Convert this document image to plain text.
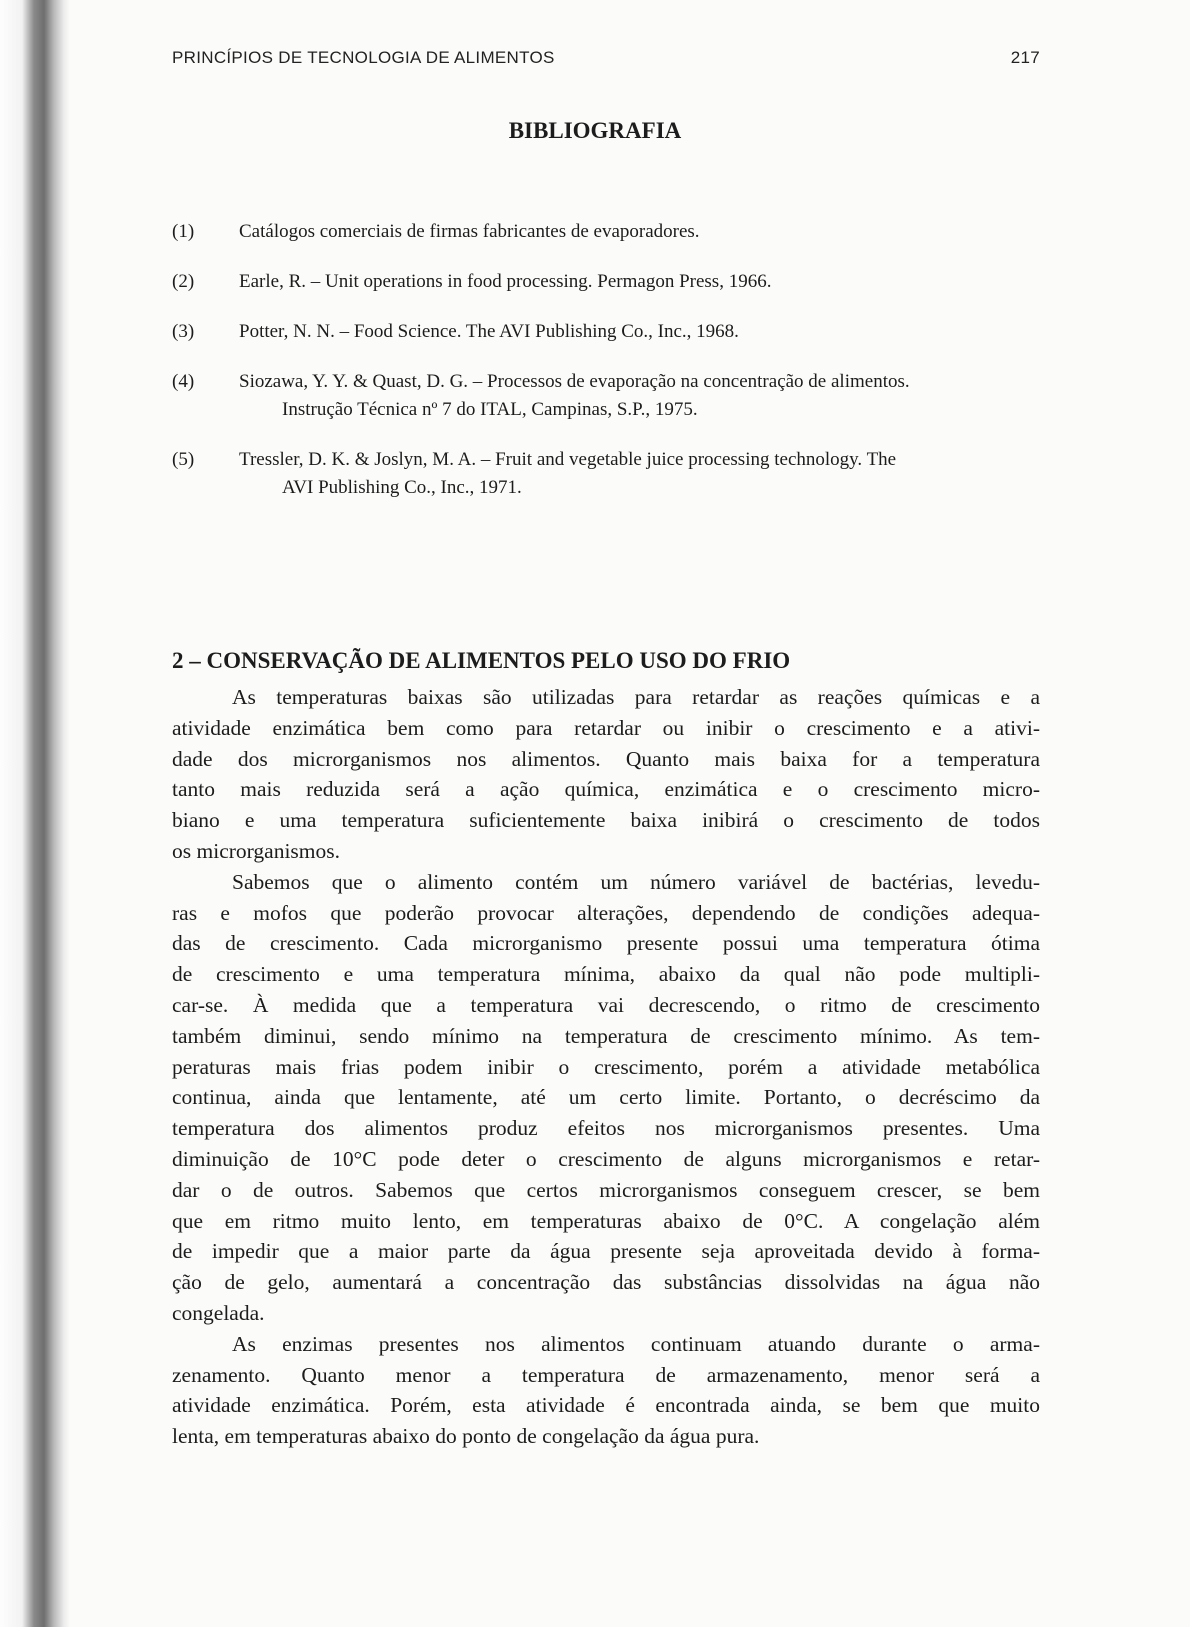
PRINCÍPIOS DE TECNOLOGIA DE ALIMENTOS	217
BIBLIOGRAFIA
(1)	Catálogos comerciais de firmas fabricantes de evaporadores.
(2)	Earle, R. – Unit operations in food processing. Permagon Press, 1966.
(3)	Potter, N. N. – Food Science. The AVI Publishing Co., Inc., 1968.
(4)	Siozawa, Y. Y. & Quast, D. G. – Processos de evaporação na concentração de alimentos.
Instrução Técnica nº 7 do ITAL, Campinas, S.P., 1975.
(5)	Tressler, D. K. & Joslyn, M. A. – Fruit and vegetable juice processing technology. The
AVI Publishing Co., Inc., 1971.
2 – CONSERVAÇÃO DE ALIMENTOS PELO USO DO FRIO
As temperaturas baixas são utilizadas para retardar as reações químicas e a
atividade enzimática bem como para retardar ou inibir o crescimento e a ativi-
dade dos microrganismos nos alimentos. Quanto mais baixa for a temperatura
tanto mais reduzida será a ação química, enzimática e o crescimento micro-
biano e uma temperatura suficientemente baixa inibirá o crescimento de todos
os microrganismos.
Sabemos que o alimento contém um número variável de bactérias, levedu-
ras e mofos que poderão provocar alterações, dependendo de condições adequa-
das de crescimento. Cada microrganismo presente possui uma temperatura ótima
de crescimento e uma temperatura mínima, abaixo da qual não pode multipli-
car-se. À medida que a temperatura vai decrescendo, o ritmo de crescimento
também diminui, sendo mínimo na temperatura de crescimento mínimo. As tem-
peraturas mais frias podem inibir o crescimento, porém a atividade metabólica
continua, ainda que lentamente, até um certo limite. Portanto, o decréscimo da
temperatura dos alimentos produz efeitos nos microrganismos presentes. Uma
diminuição de 10°C pode deter o crescimento de alguns microrganismos e retar-
dar o de outros. Sabemos que certos microrganismos conseguem crescer, se bem
que em ritmo muito lento, em temperaturas abaixo de 0°C. A congelação além
de impedir que a maior parte da água presente seja aproveitada devido à forma-
ção de gelo, aumentará a concentração das substâncias dissolvidas na água não
congelada.
As enzimas presentes nos alimentos continuam atuando durante o arma-
zenamento. Quanto menor a temperatura de armazenamento, menor será a
atividade enzimática. Porém, esta atividade é encontrada ainda, se bem que muito
lenta, em temperaturas abaixo do ponto de congelação da água pura.
